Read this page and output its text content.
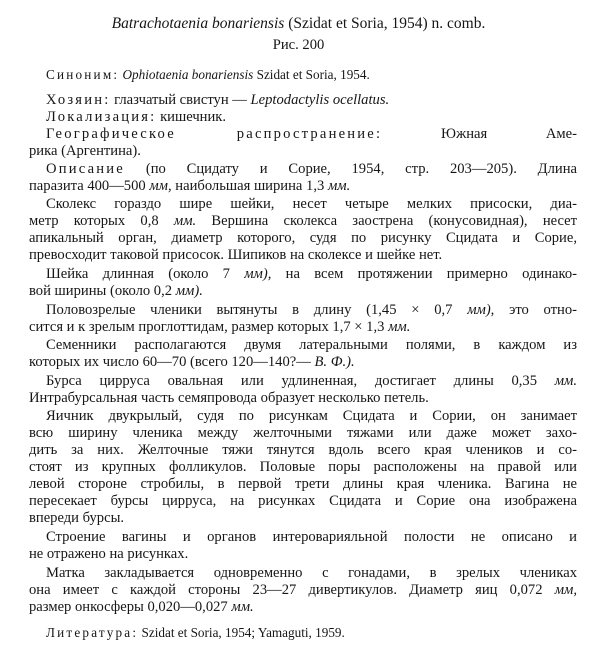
Batrachotaenia bonariensis (Szidat et Soria, 1954) n. comb.
Рис. 200
Синоним: Ophiotaenia bonariensis Szidat et Soria, 1954.
Хозяин: глазчатый свистун — Leptodactylis ocellatus.
Локализация: кишечник.
Географическое распространение:	Южная Аме-
рика (Аргентина).
Описание (по Сцидату и Сорие, 1954, стр. 203—205). Длина
паразита 400—500 мм, наибольшая ширина 1,3 мм.
Сколекс гораздо шире шейки, несет четыре мелких присоски, диа-
метр которых 0,8 мм. Вершина сколекса заострена (конусовидная), несет
апикальный орган, диаметр которого, судя по рисунку Сцидата и Сорие,
превосходит таковой присосок. Шипиков на сколексе и шейке нет.
Шейка длинная (около 7 мм), на всем протяжении примерно одинако-
вой ширины (около 0,2 мм).
Половозрелые членики вытянуты в длину (1,45 × 0,7 мм), это отно-
сится и к зрелым проглоттидам, размер которых 1,7 × 1,3 мм.
Семенники располагаются двумя латеральными полями, в каждом из
которых их число 60—70 (всего 120—140?— В. Ф.).
Бурса цирруса овальная или удлиненная, достигает длины 0,35 мм.
Интрабурсальная часть семяпровода образует несколько петель.
Яичник двукрылый, судя по рисункам Сцидата и Сории, он занимает
всю ширину членика между желточными тяжами или даже может захо-
дить за них. Желточные тяжи тянутся вдоль всего края члеников и со-
стоят из крупных фолликулов. Половые поры расположены на правой или
левой стороне стробилы, в первой трети длины края членика. Вагина не
пересекает бурсы цирруса, на рисунках Сцидата и Сорие она изображена
впереди бурсы.
Строение вагины и органов интероварияльной полости не описано и
не отражено на рисунках.
Матка закладывается одновременно с гонадами, в зрелых члениках
она имеет с каждой стороны 23—27 дивертикулов. Диаметр яиц 0,072 мм,
размер онкосферы 0,020—0,027 мм.
Литература: Szidat et Soria, 1954; Yamaguti, 1959.
